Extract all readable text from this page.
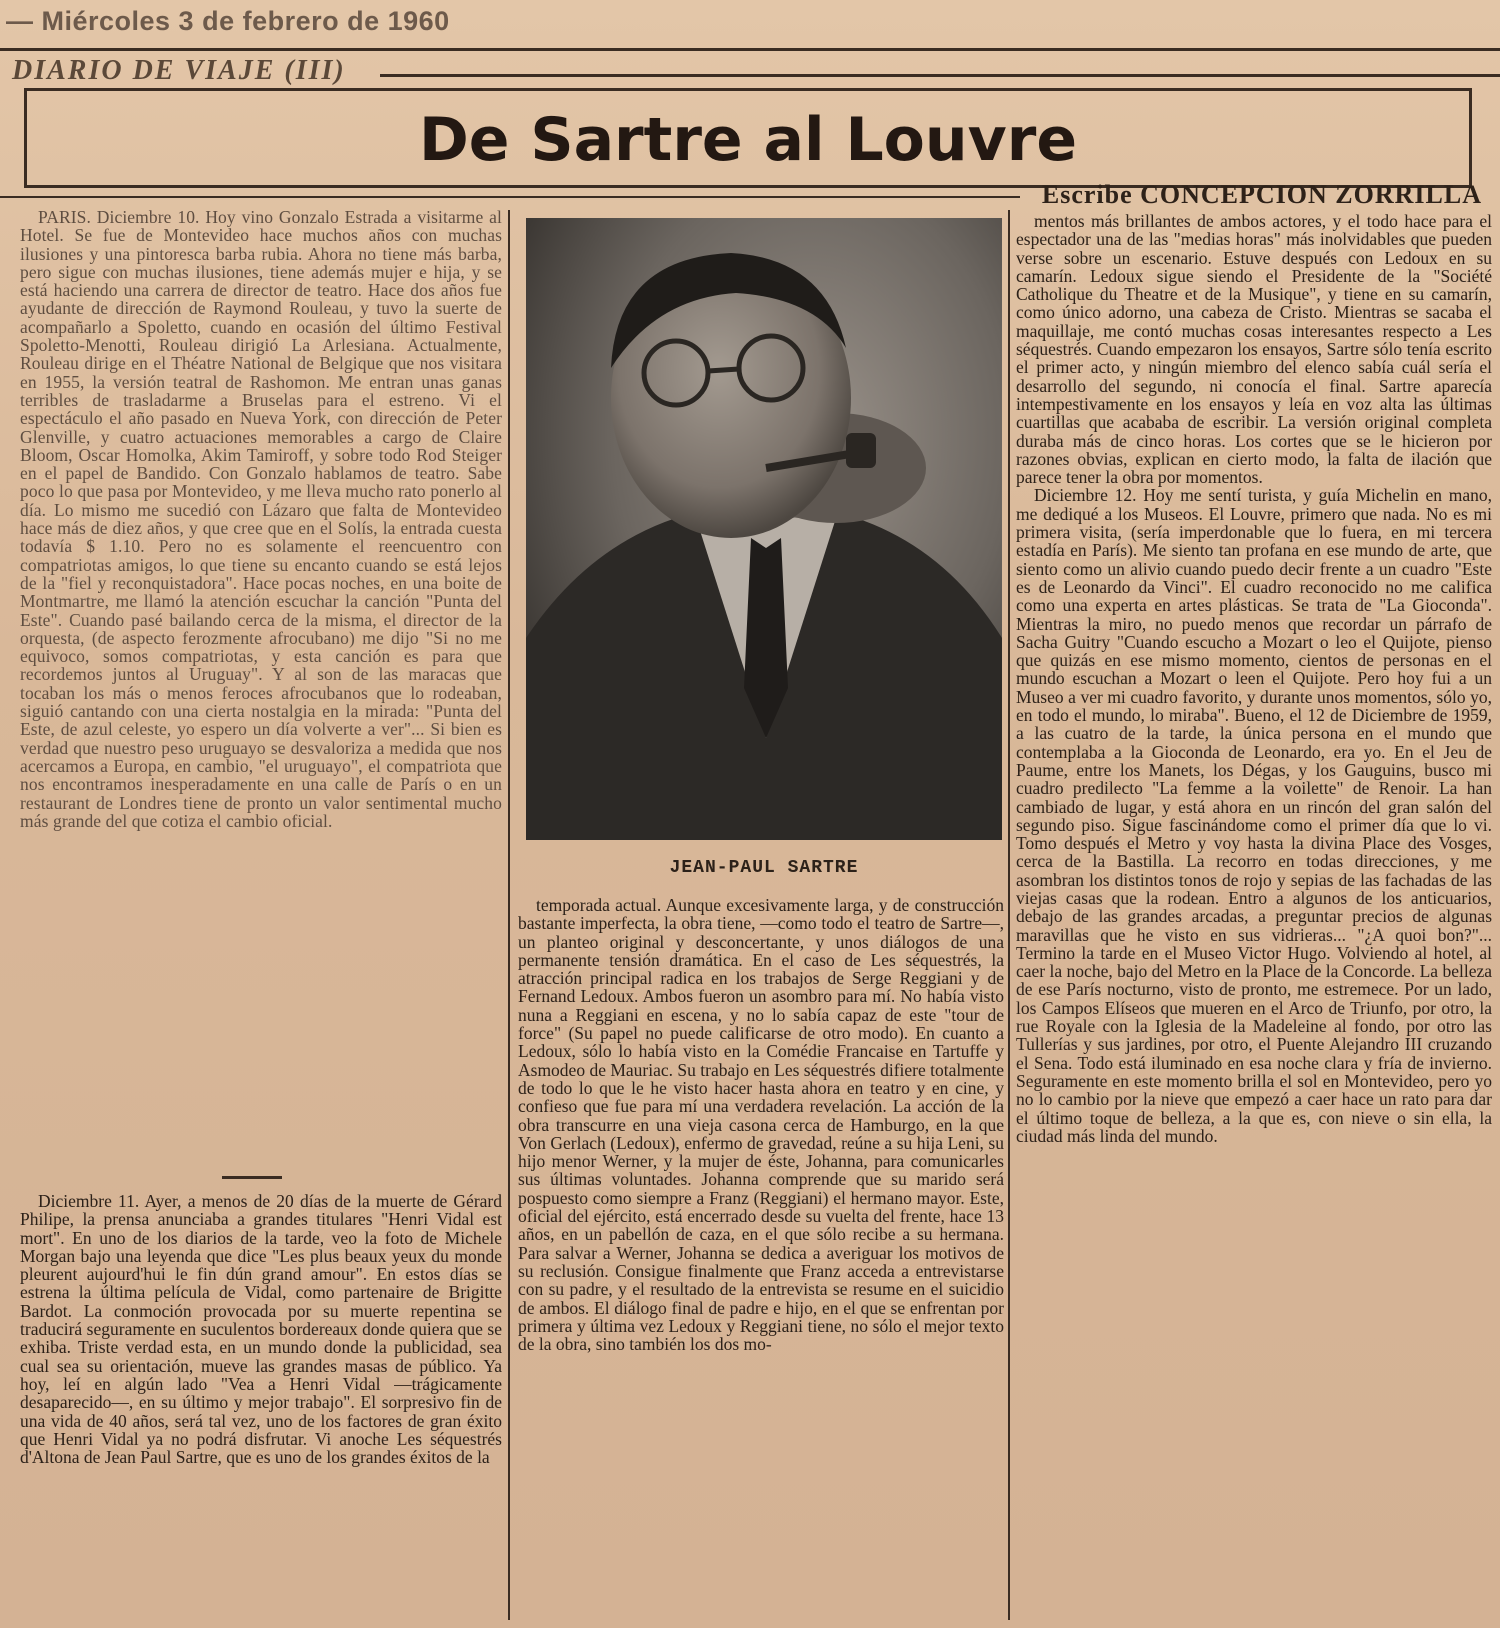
— Miércoles 3 de febrero de 1960
DIARIO DE VIAJE (III)
De Sartre al Louvre
Escribe CONCEPCION ZORRILLA

PARIS. Diciembre 10. Hoy vino Gonzalo Estrada a visitarme al Hotel. Se fue de Montevideo hace muchos años con muchas ilusiones y una pintoresca barba rubia. Ahora no tiene más barba, pero sigue con muchas ilusiones, tiene además mujer e hija, y se está haciendo una carrera de director de teatro. Hace dos años fue ayudante de dirección de Raymond Rouleau, y tuvo la suerte de acompañarlo a Spoletto, cuando en ocasión del último Festival Spoletto-Menotti, Rouleau dirigió La Arlesiana. Actualmente, Rouleau dirige en el Théatre National de Belgique que nos visitara en 1955, la versión teatral de Rashomon. Me entran unas ganas terribles de trasladarme a Bruselas para el estreno. Vi el espectáculo el año pasado en Nueva York, con dirección de Peter Glenville, y cuatro actuaciones memorables a cargo de Claire Bloom, Oscar Homolka, Akim Tamiroff, y sobre todo Rod Steiger en el papel de Bandido. Con Gonzalo hablamos de teatro. Sabe poco lo que pasa por Montevideo, y me lleva mucho rato ponerlo al día. Lo mismo me sucedió con Lázaro que falta de Montevideo hace más de diez años, y que cree que en el Solís, la entrada cuesta todavía $ 1.10. Pero no es solamente el reencuentro con compatriotas amigos, lo que tiene su encanto cuando se está lejos de la "fiel y reconquistadora". Hace pocas noches, en una boite de Montmartre, me llamó la atención escuchar la canción "Punta del Este". Cuando pasé bailando cerca de la misma, el director de la orquesta, (de aspecto ferozmente afrocubano) me dijo "Si no me equivoco, somos compatriotas, y esta canción es para que recordemos juntos al Uruguay". Y al son de las maracas que tocaban los más o menos feroces afrocubanos que lo rodeaban, siguió cantando con una cierta nostalgia en la mirada: "Punta del Este, de azul celeste, yo espero un día volverte a ver"... Si bien es verdad que nuestro peso uruguayo se desvaloriza a medida que nos acercamos a Europa, en cambio, "el uruguayo", el compatriota que nos encontramos inesperadamente en una calle de París o en un restaurant de Londres tiene de pronto un valor sentimental mucho más grande del que cotiza el cambio oficial.

Diciembre 11. Ayer, a menos de 20 días de la muerte de Gérard Philipe, la prensa anunciaba a grandes titulares "Henri Vidal est mort". En uno de los diarios de la tarde, veo la foto de Michele Morgan bajo una leyenda que dice "Les plus beaux yeux du monde pleurent aujourd'hui le fin dún grand amour". En estos días se estrena la última película de Vidal, como partenaire de Brigitte Bardot. La conmoción provocada por su muerte repentina se traducirá seguramente en suculentos bordereaux donde quiera que se exhiba. Triste verdad esta, en un mundo donde la publicidad, sea cual sea su orientación, mueve las grandes masas de público. Ya hoy, leí en algún lado "Vea a Henri Vidal —trágicamente desaparecido—, en su último y mejor trabajo". El sorpresivo fin de una vida de 40 años, será tal vez, uno de los factores de gran éxito que Henri Vidal ya no podrá disfrutar. Vi anoche Les séquestrés d'Altona de Jean Paul Sartre, que es uno de los grandes éxitos de la

JEAN-PAUL SARTRE

temporada actual. Aunque excesivamente larga, y de construcción bastante imperfecta, la obra tiene, —como todo el teatro de Sartre—, un planteo original y desconcertante, y unos diálogos de una permanente tensión dramática. En el caso de Les séquestrés, la atracción principal radica en los trabajos de Serge Reggiani y de Fernand Ledoux. Ambos fueron un asombro para mí. No había visto nuna a Reggiani en escena, y no lo sabía capaz de este "tour de force" (Su papel no puede calificarse de otro modo). En cuanto a Ledoux, sólo lo había visto en la Comédie Francaise en Tartuffe y Asmodeo de Mauriac. Su trabajo en Les séquestrés difiere totalmente de todo lo que le he visto hacer hasta ahora en teatro y en cine, y confieso que fue para mí una verdadera revelación. La acción de la obra transcurre en una vieja casona cerca de Hamburgo, en la que Von Gerlach (Ledoux), enfermo de gravedad, reúne a su hija Leni, su hijo menor Werner, y la mujer de éste, Johanna, para comunicarles sus últimas voluntades. Johanna comprende que su marido será pospuesto como siempre a Franz (Reggiani) el hermano mayor. Este, oficial del ejército, está encerrado desde su vuelta del frente, hace 13 años, en un pabellón de caza, en el que sólo recibe a su hermana. Para salvar a Werner, Johanna se dedica a averiguar los motivos de su reclusión. Consigue finalmente que Franz acceda a entrevistarse con su padre, y el resultado de la entrevista se resume en el suicidio de ambos. El diálogo final de padre e hijo, en el que se enfrentan por primera y última vez Ledoux y Reggiani tiene, no sólo el mejor texto de la obra, sino también los dos mo-

mentos más brillantes de ambos actores, y el todo hace para el espectador una de las "medias horas" más inolvidables que pueden verse sobre un escenario. Estuve después con Ledoux en su camarín. Ledoux sigue siendo el Presidente de la "Société Catholique du Theatre et de la Musique", y tiene en su camarín, como único adorno, una cabeza de Cristo. Mientras se sacaba el maquillaje, me contó muchas cosas interesantes respecto a Les séquestrés. Cuando empezaron los ensayos, Sartre sólo tenía escrito el primer acto, y ningún miembro del elenco sabía cuál sería el desarrollo del segundo, ni conocía el final. Sartre aparecía intempestivamente en los ensayos y leía en voz alta las últimas cuartillas que acababa de escribir. La versión original completa duraba más de cinco horas. Los cortes que se le hicieron por razones obvias, explican en cierto modo, la falta de ilación que parece tener la obra por momentos.

Diciembre 12. Hoy me sentí turista, y guía Michelin en mano, me dediqué a los Museos. El Louvre, primero que nada. No es mi primera visita, (sería imperdonable que lo fuera, en mi tercera estadía en París). Me siento tan profana en ese mundo de arte, que siento como un alivio cuando puedo decir frente a un cuadro "Este es de Leonardo da Vinci". El cuadro reconocido no me califica como una experta en artes plásticas. Se trata de "La Gioconda". Mientras la miro, no puedo menos que recordar un párrafo de Sacha Guitry "Cuando escucho a Mozart o leo el Quijote, pienso que quizás en ese mismo momento, cientos de personas en el mundo escuchan a Mozart o leen el Quijote. Pero hoy fui a un Museo a ver mi cuadro favorito, y durante unos momentos, sólo yo, en todo el mundo, lo miraba". Bueno, el 12 de Diciembre de 1959, a las cuatro de la tarde, la única persona en el mundo que contemplaba a la Gioconda de Leonardo, era yo. En el Jeu de Paume, entre los Manets, los Dégas, y los Gauguins, busco mi cuadro predilecto "La femme a la voilette" de Renoir. La han cambiado de lugar, y está ahora en un rincón del gran salón del segundo piso. Sigue fascinándome como el primer día que lo vi. Tomo después el Metro y voy hasta la divina Place des Vosges, cerca de la Bastilla. La recorro en todas direcciones, y me asombran los distintos tonos de rojo y sepias de las fachadas de las viejas casas que la rodean. Entro a algunos de los anticuarios, debajo de las grandes arcadas, a preguntar precios de algunas maravillas que he visto en sus vidrieras... "¿A quoi bon?"... Termino la tarde en el Museo Victor Hugo. Volviendo al hotel, al caer la noche, bajo del Metro en la Place de la Concorde. La belleza de ese París nocturno, visto de pronto, me estremece. Por un lado, los Campos Elíseos que mueren en el Arco de Triunfo, por otro, la rue Royale con la Iglesia de la Madeleine al fondo, por otro las Tullerías y sus jardines, por otro, el Puente Alejandro III cruzando el Sena. Todo está iluminado en esa noche clara y fría de invierno. Seguramente en este momento brilla el sol en Montevideo, pero yo no lo cambio por la nieve que empezó a caer hace un rato para dar el último toque de belleza, a la que es, con nieve o sin ella, la ciudad más linda del mundo.
